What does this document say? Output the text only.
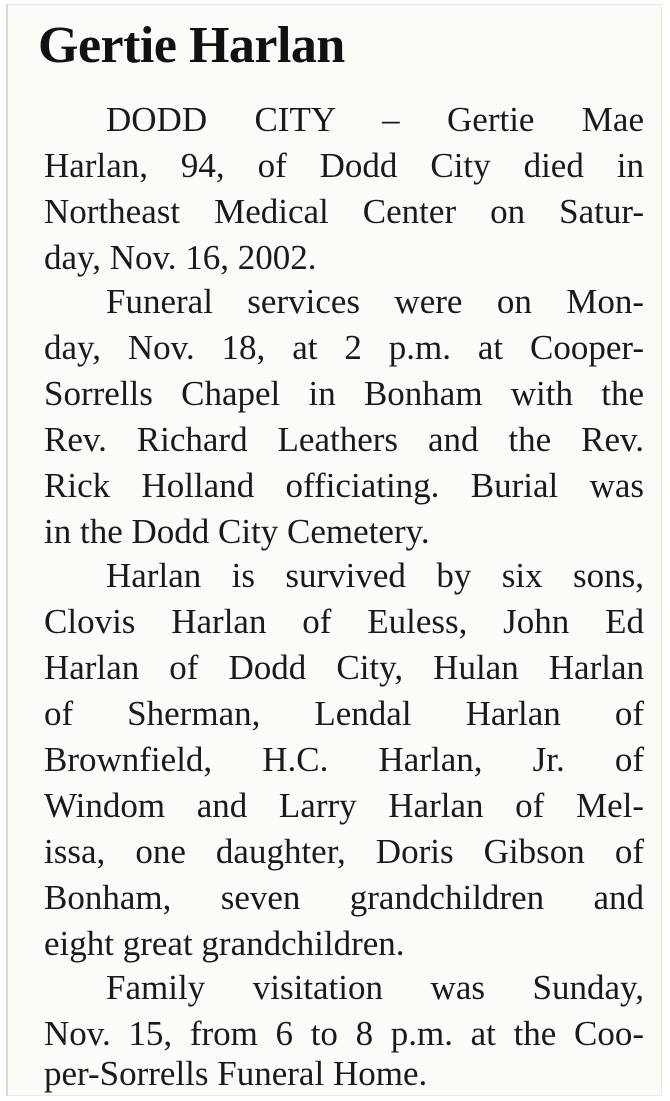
Gertie Harlan

DODD CITY – Gertie Mae

Harlan, 94, of Dodd City died in

Northeast Medical Center on Satur-

day, Nov. 16, 2002.

Funeral services were on Mon-

day, Nov. 18, at 2 p.m. at Cooper-

Sorrells Chapel in Bonham with the

Rev. Richard Leathers and the Rev.

Rick Holland officiating. Burial was

in the Dodd City Cemetery.

Harlan is survived by six sons,

Clovis Harlan of Euless, John Ed

Harlan of Dodd City, Hulan Harlan

of Sherman, Lendal Harlan of

Brownfield, H.C. Harlan, Jr. of

Windom and Larry Harlan of Mel-

issa, one daughter, Doris Gibson of

Bonham, seven grandchildren and

eight great grandchildren.

Family visitation was Sunday,

Nov. 15, from 6 to 8 p.m. at the Coo-

per-Sorrells Funeral Home.
